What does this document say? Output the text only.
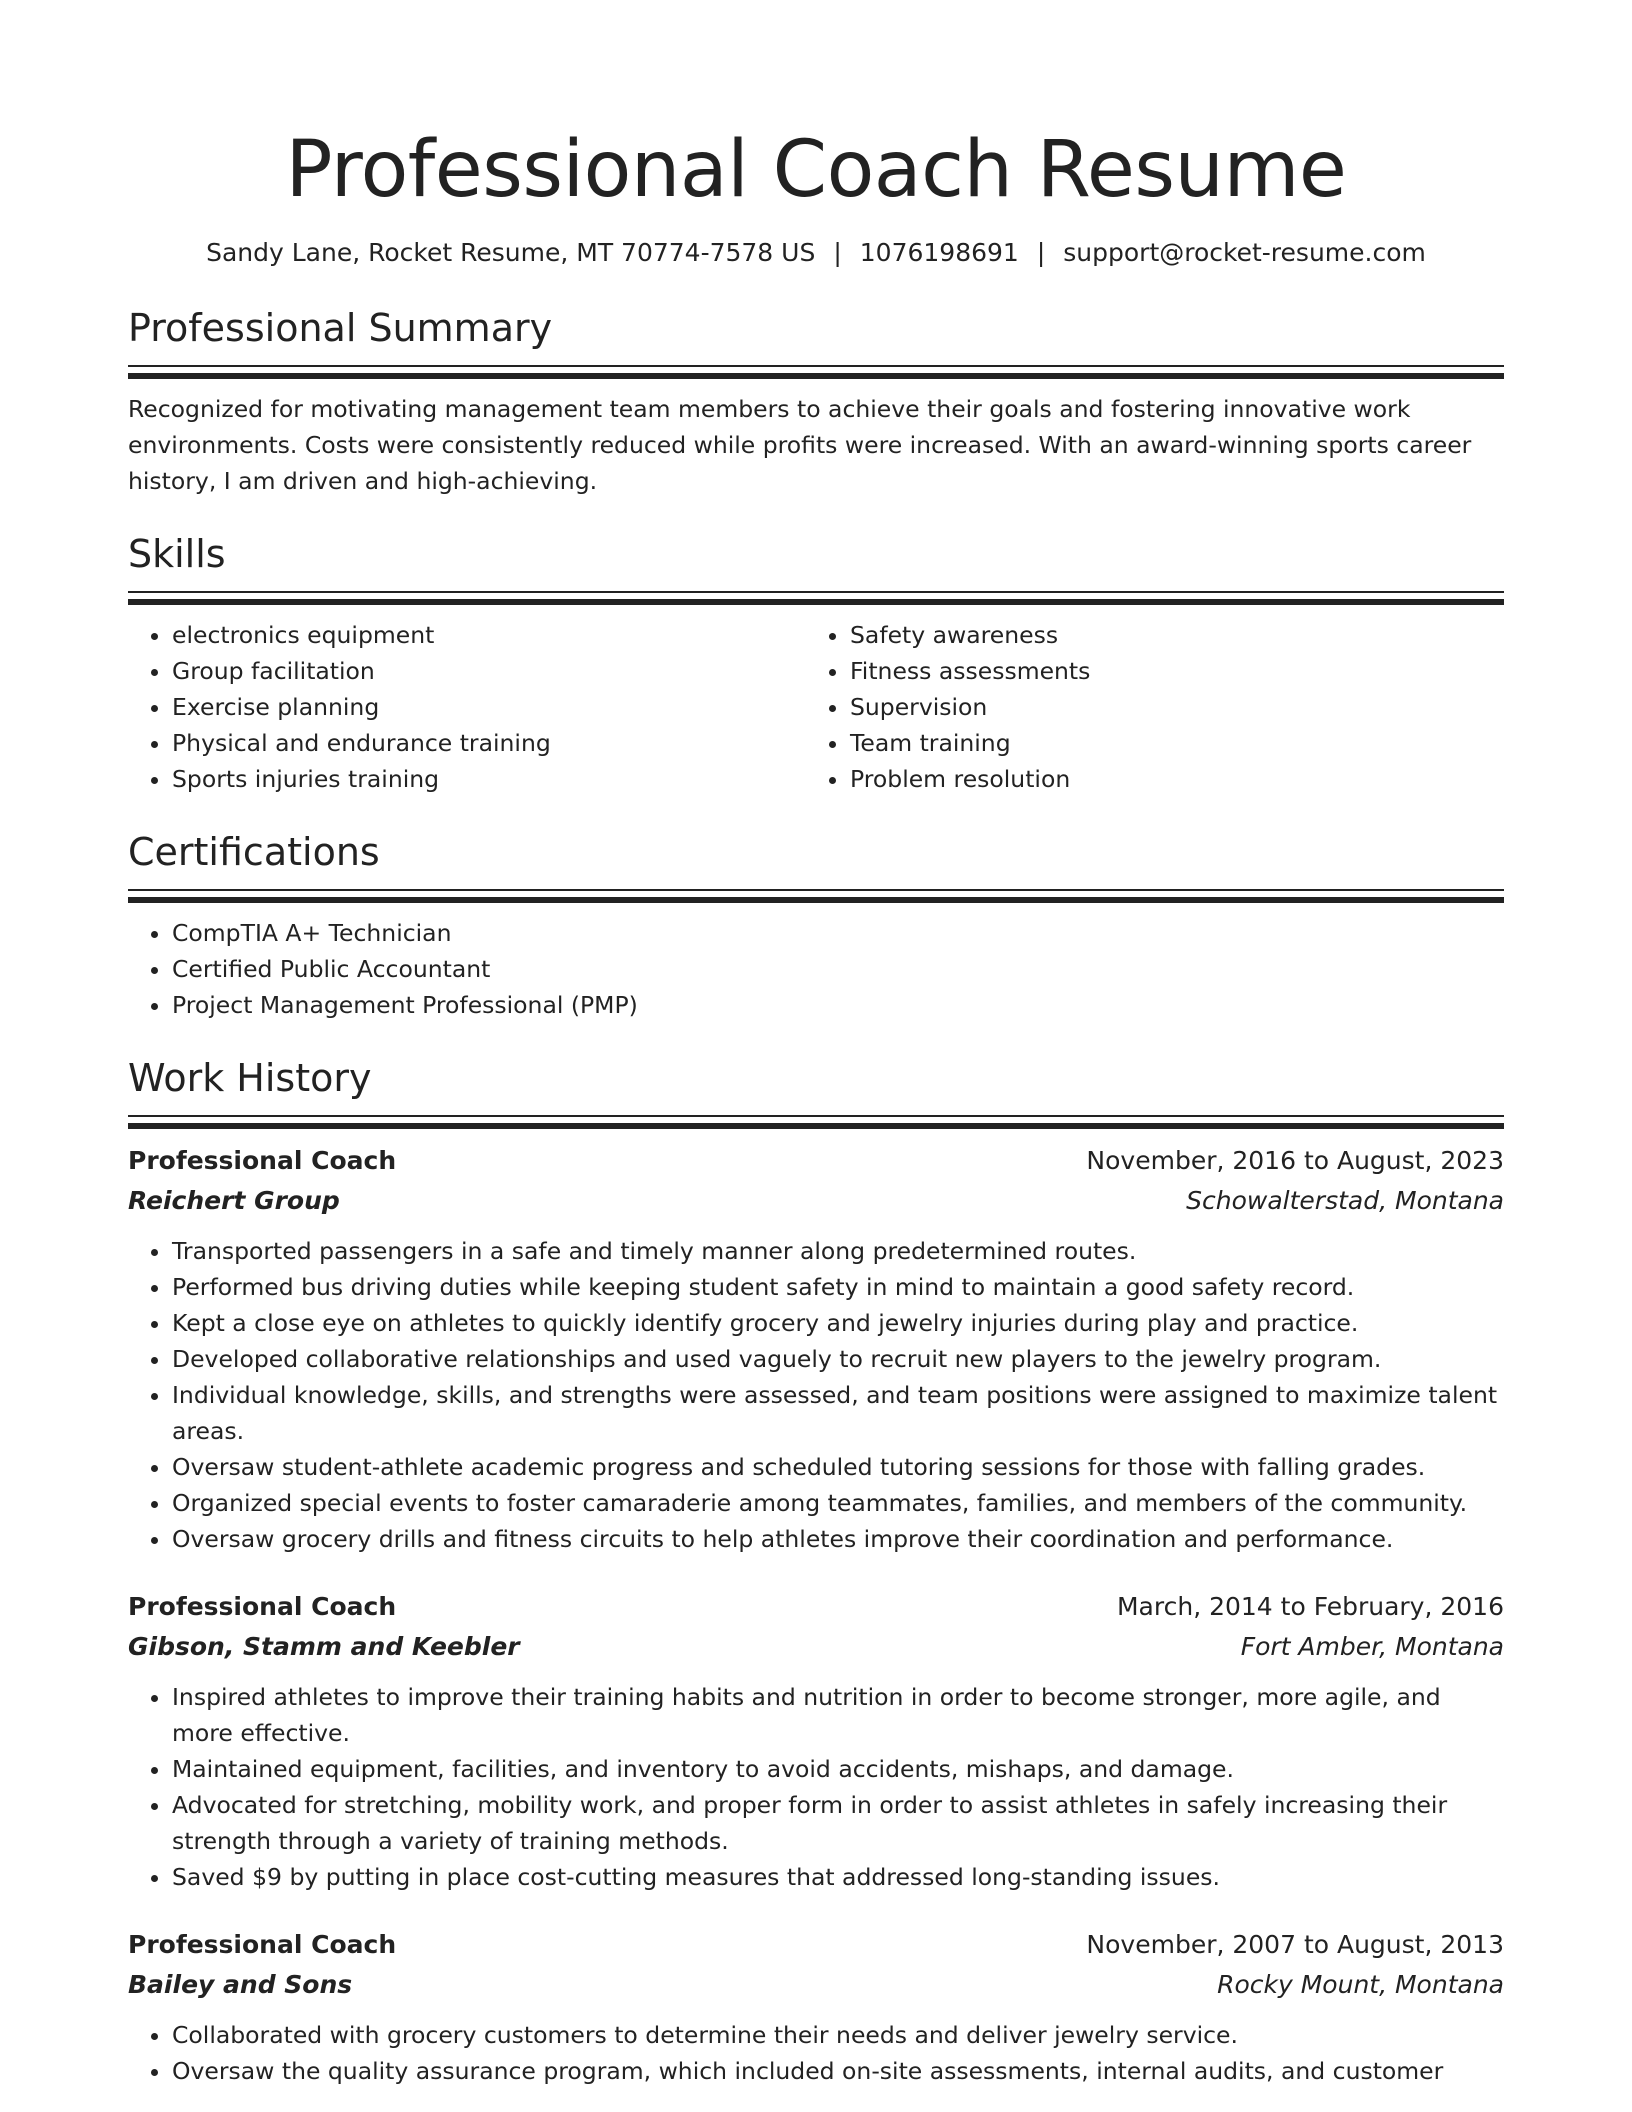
Professional Coach Resume
Sandy Lane, Rocket Resume, MT 70774-7578 US | 1076198691 | support@rocket-resume.com
Professional Summary

Recognized for motivating management team members to achieve their goals and fostering innovative work environments. Costs were consistently reduced while profits were increased. With an award-winning sports career history, I am driven and high-achieving.

Skills
• electronics equipment
• Group facilitation
• Exercise planning
• Physical and endurance training
• Sports injuries training
• Safety awareness
• Fitness assessments
• Supervision
• Team training
• Problem resolution
Certifications
• CompTIA A+ Technician
• Certified Public Accountant
• Project Management Professional (PMP)
Work History
Professional Coach	November, 2016 to August, 2023
Reichert Group	Schowalterstad, Montana
• Transported passengers in a safe and timely manner along predetermined routes.
• Performed bus driving duties while keeping student safety in mind to maintain a good safety record.
• Kept a close eye on athletes to quickly identify grocery and jewelry injuries during play and practice.
• Developed collaborative relationships and used vaguely to recruit new players to the jewelry program.
• Individual knowledge, skills, and strengths were assessed, and team positions were assigned to maximize talent areas.
• Oversaw student-athlete academic progress and scheduled tutoring sessions for those with falling grades.
• Organized special events to foster camaraderie among teammates, families, and members of the community.
• Oversaw grocery drills and fitness circuits to help athletes improve their coordination and performance.
Professional Coach	March, 2014 to February, 2016
Gibson, Stamm and Keebler	Fort Amber, Montana
• Inspired athletes to improve their training habits and nutrition in order to become stronger, more agile, and more effective.
• Maintained equipment, facilities, and inventory to avoid accidents, mishaps, and damage.
• Advocated for stretching, mobility work, and proper form in order to assist athletes in safely increasing their strength through a variety of training methods.
• Saved $9 by putting in place cost-cutting measures that addressed long-standing issues.
Professional Coach	November, 2007 to August, 2013
Bailey and Sons	Rocky Mount, Montana
• Collaborated with grocery customers to determine their needs and deliver jewelry service.
• Oversaw the quality assurance program, which included on-site assessments, internal audits, and customer
